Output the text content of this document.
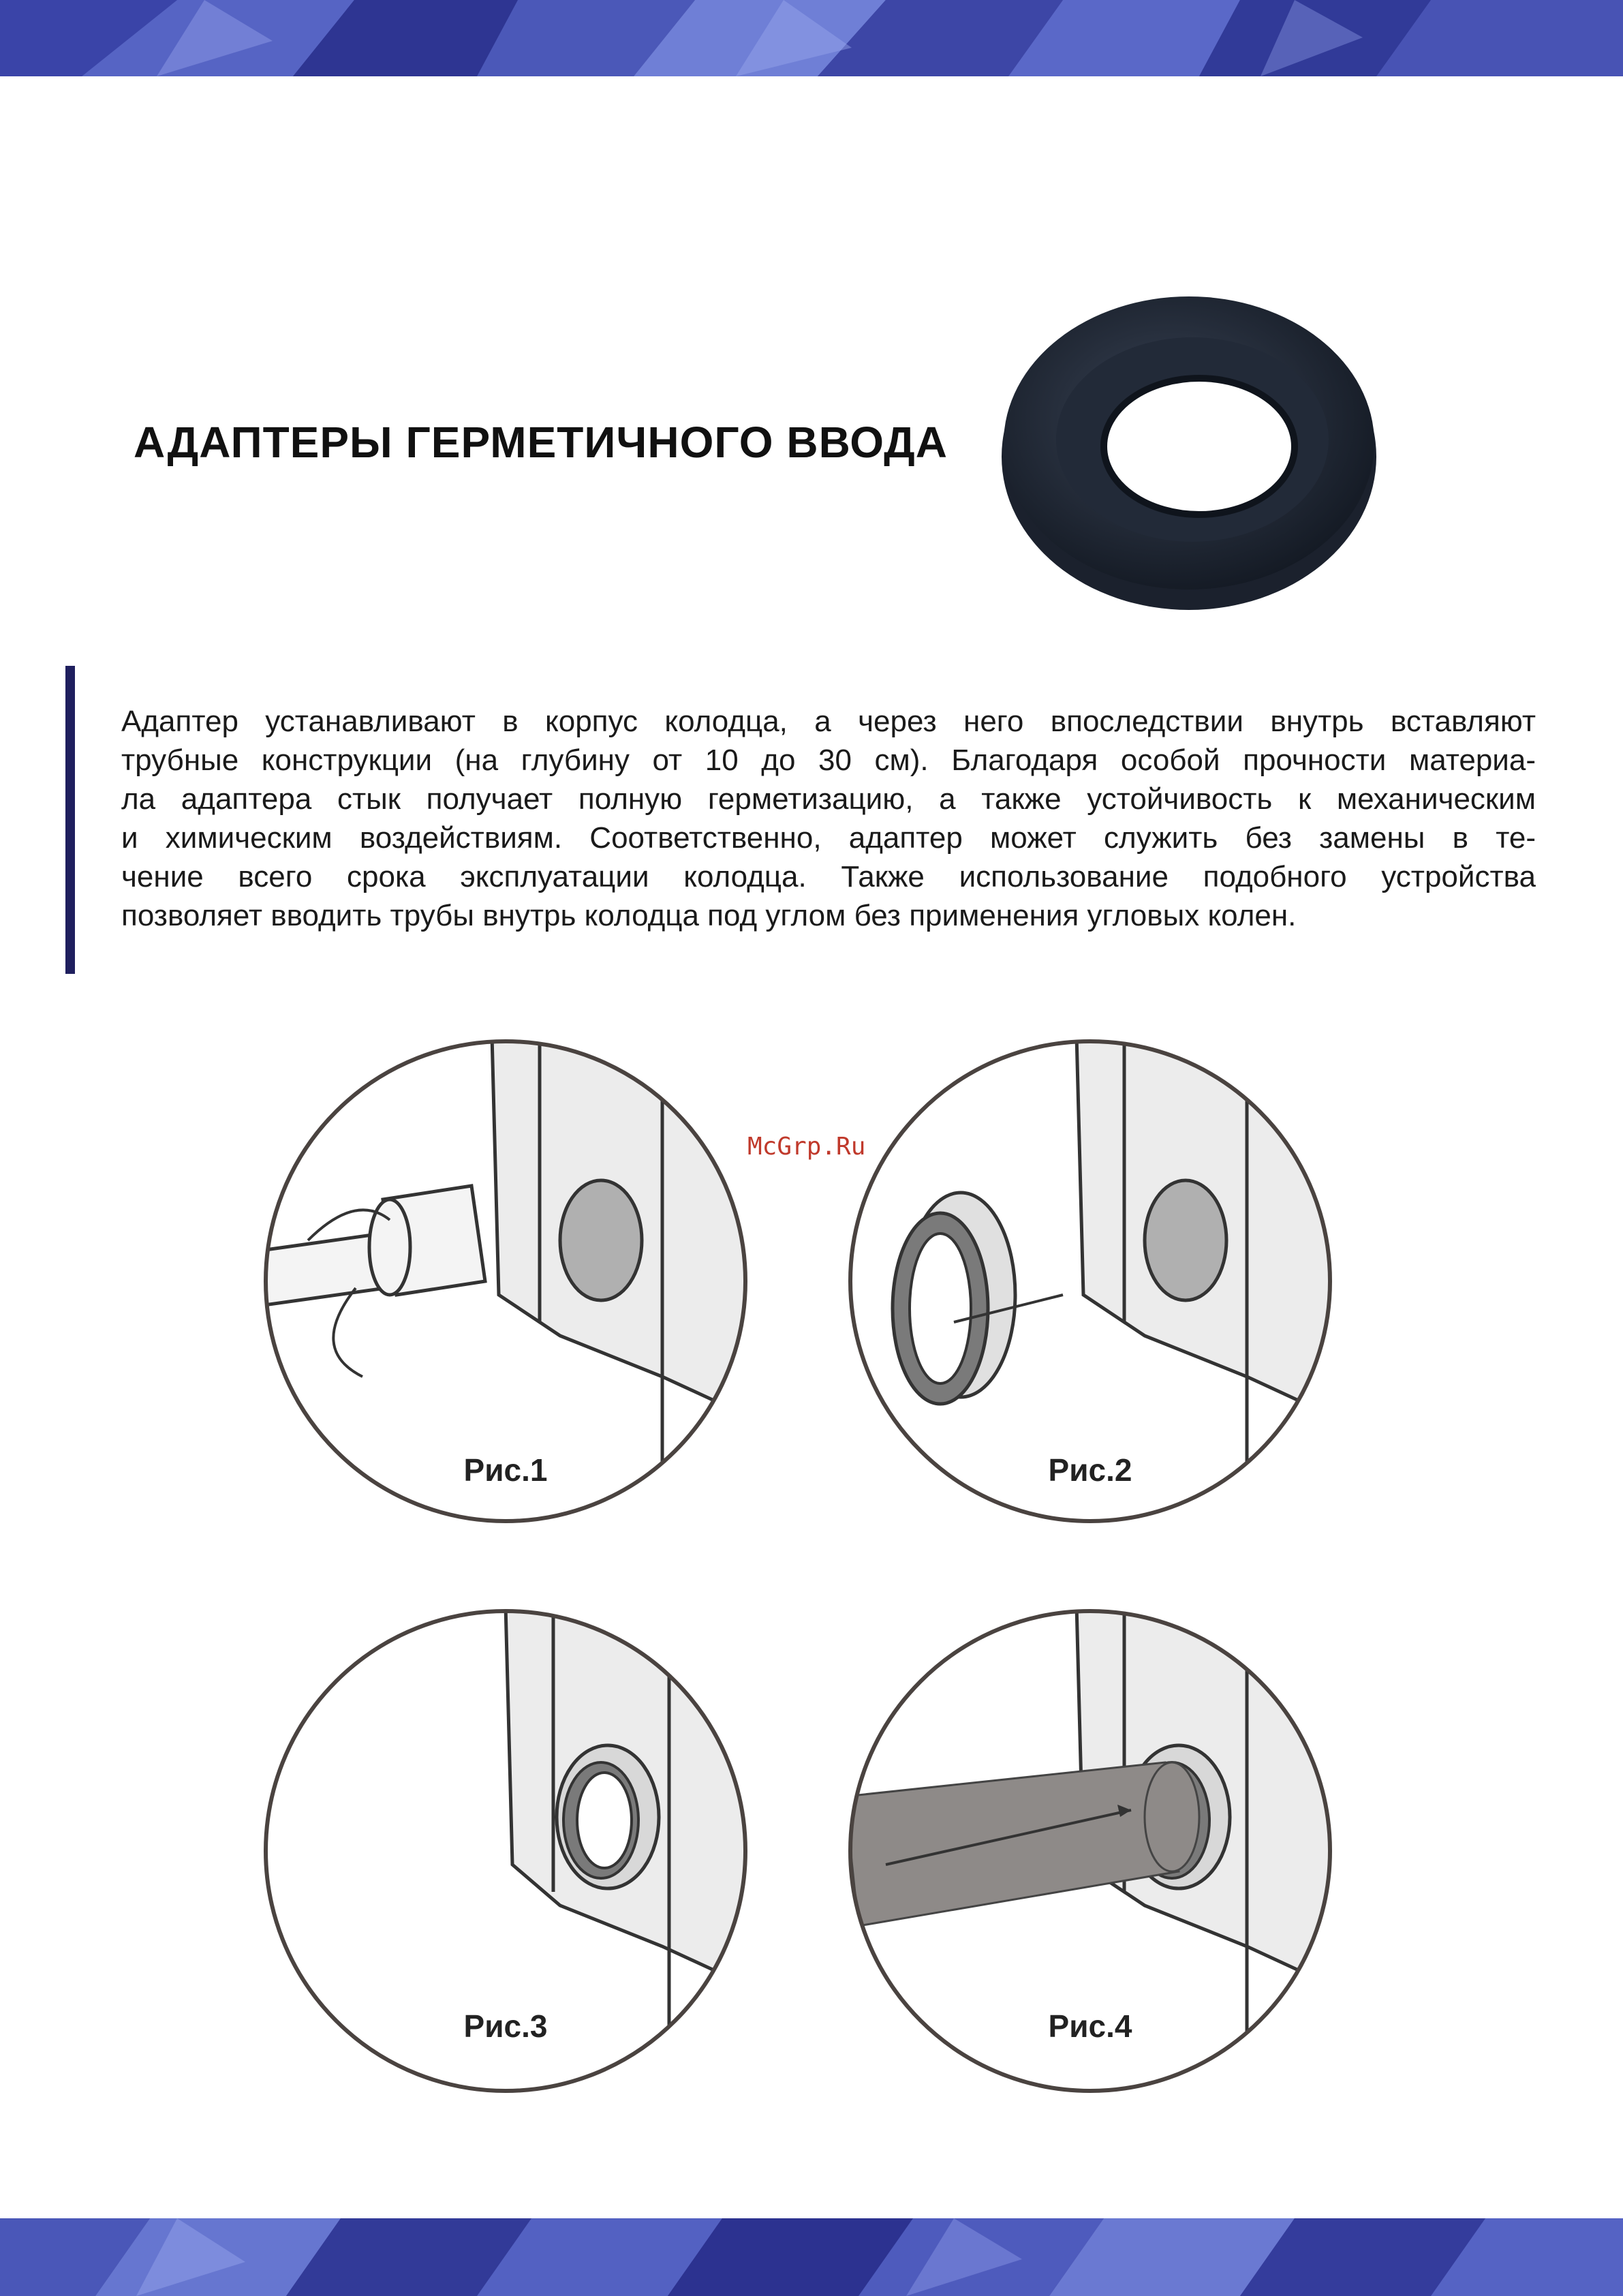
АДАПТЕРЫ ГЕРМЕТИЧНОГО ВВОДА
Адаптер устанавливают в корпус колодца, а через него впоследствии внутрь вставляют
трубные конструкции (на глубину от 10 до 30 см). Благодаря особой прочности материа-
ла адаптера стык получает полную герметизацию, а также устойчивость к механическим
и химическим воздействиям. Соответственно, адаптер может служить без замены в те-
чение всего срока эксплуатации колодца. Также использование подобного устройства
позволяет вводить трубы внутрь колодца под углом без применения угловых колен.
McGrp.Ru
Рис.1	Рис.2
Рис.3	Рис.4
